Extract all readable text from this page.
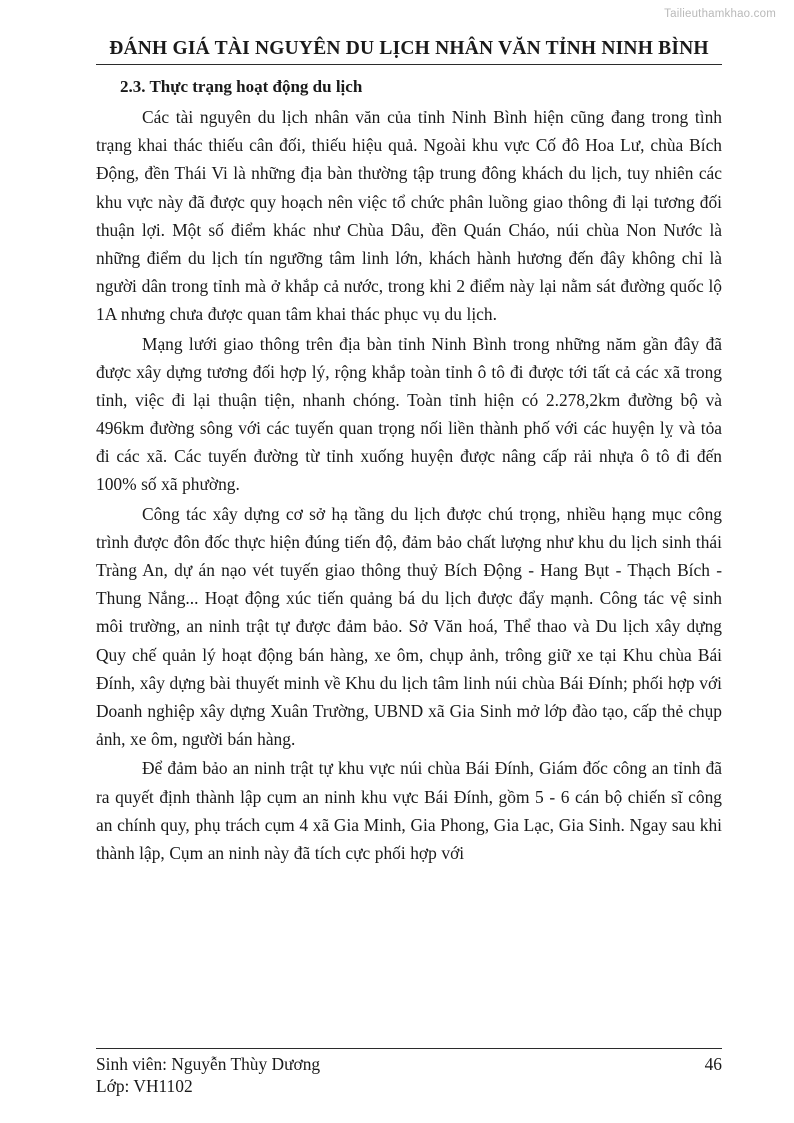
Tailieuthamkhao.com
ĐÁNH GIÁ TÀI NGUYÊN DU LỊCH NHÂN VĂN TỈNH NINH BÌNH
2.3. Thực trạng hoạt động du lịch

Các tài nguyên du lịch nhân văn của tỉnh Ninh Bình hiện cũng đang trong tình trạng khai thác thiếu cân đối, thiếu hiệu quả. Ngoài khu vực Cố đô Hoa Lư, chùa Bích Động, đền Thái Vi là những địa bàn thường tập trung đông khách du lịch, tuy nhiên các khu vực này đã được quy hoạch nên việc tổ chức phân luồng giao thông đi lại tương đối thuận lợi. Một số điểm khác như Chùa Dâu, đền Quán Cháo, núi chùa Non Nước là những điểm du lịch tín ngưỡng tâm linh lớn, khách hành hương đến đây không chỉ là người dân trong tỉnh mà ở khắp cả nước, trong khi 2 điểm này lại nằm sát đường quốc lộ 1A nhưng chưa được quan tâm khai thác phục vụ du lịch.

Mạng lưới giao thông trên địa bàn tỉnh Ninh Bình trong những năm gần đây đã được xây dựng tương đối hợp lý, rộng khắp toàn tỉnh ô tô đi được tới tất cả các xã trong tỉnh, việc đi lại thuận tiện, nhanh chóng. Toàn tỉnh hiện có 2.278,2km đường bộ và 496km đường sông với các tuyến quan trọng nối liền thành phố với các huyện lỵ và tỏa đi các xã. Các tuyến đường từ tỉnh xuống huyện được nâng cấp rải nhựa ô tô đi đến 100% số xã phường.

Công tác xây dựng cơ sở hạ tầng du lịch được chú trọng, nhiều hạng mục công trình được đôn đốc thực hiện đúng tiến độ, đảm bảo chất lượng như khu du lịch sinh thái Tràng An, dự án nạo vét tuyến giao thông thuỷ Bích Động - Hang Bụt - Thạch Bích - Thung Nắng... Hoạt động xúc tiến quảng bá du lịch được đẩy mạnh. Công tác vệ sinh môi trường, an ninh trật tự được đảm bảo. Sở Văn hoá, Thể thao và Du lịch xây dựng Quy chế quản lý hoạt động bán hàng, xe ôm, chụp ảnh, trông giữ xe tại Khu chùa Bái Đính, xây dựng bài thuyết minh về Khu du lịch tâm linh núi chùa Bái Đính; phối hợp với Doanh nghiệp xây dựng Xuân Trường, UBND xã Gia Sinh mở lớp đào tạo, cấp thẻ chụp ảnh, xe ôm, người bán hàng.

Để đảm bảo an ninh trật tự khu vực núi chùa Bái Đính, Giám đốc công an tỉnh đã ra quyết định thành lập cụm an ninh khu vực Bái Đính, gồm 5 - 6 cán bộ chiến sĩ công an chính quy, phụ trách cụm 4 xã Gia Minh, Gia Phong, Gia Lạc, Gia Sinh. Ngay sau khi thành lập, Cụm an ninh này đã tích cực phối hợp với

Sinh viên: Nguyễn Thùy Dương
Lớp: VH1102
46
